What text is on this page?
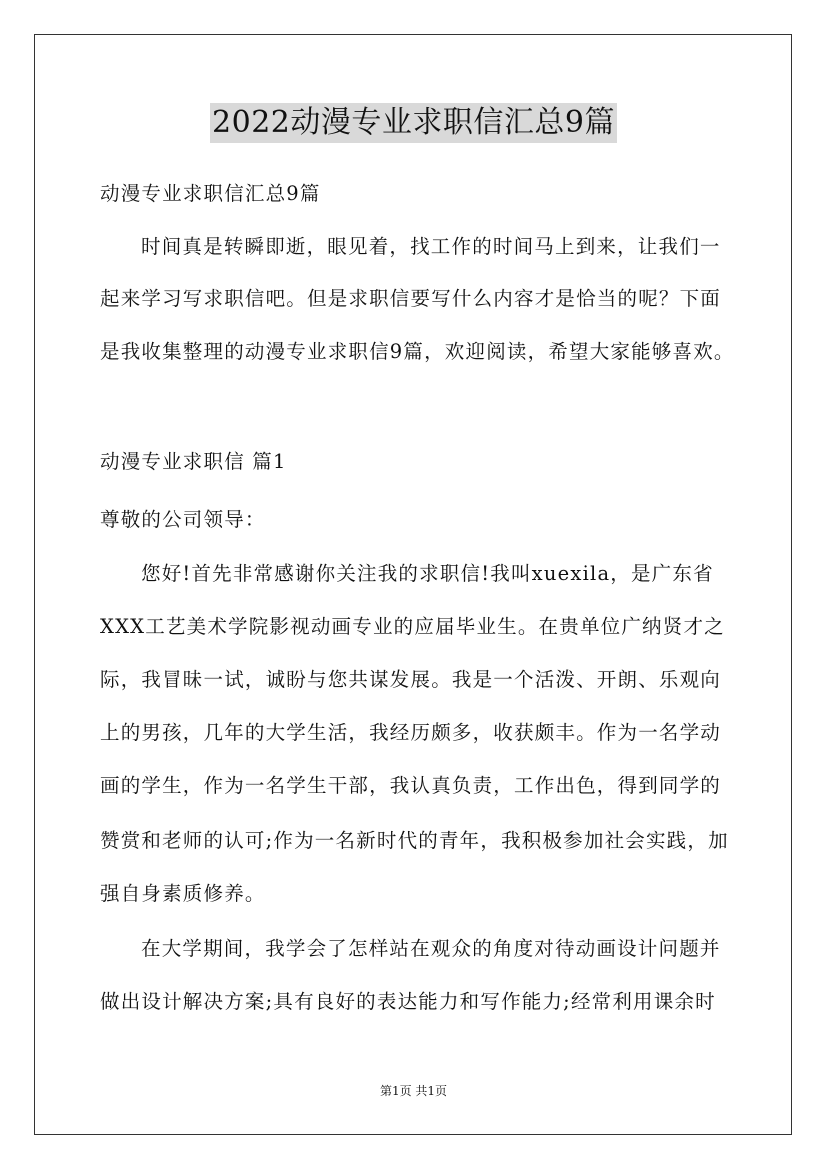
2022动漫专业求职信汇总9篇
动漫专业求职信汇总9篇
时间真是转瞬即逝，眼见着，找工作的时间马上到来，让我们一
起来学习写求职信吧。但是求职信要写什么内容才是恰当的呢？下面
是我收集整理的动漫专业求职信9篇，欢迎阅读，希望大家能够喜欢。
动漫专业求职信 篇1
尊敬的公司领导：
您好!首先非常感谢你关注我的求职信!我叫xuexila，是广东省
XXX工艺美术学院影视动画专业的应届毕业生。在贵单位广纳贤才之
际，我冒昧一试，诚盼与您共谋发展。我是一个活泼、开朗、乐观向
上的男孩，几年的大学生活，我经历颇多，收获颇丰。作为一名学动
画的学生，作为一名学生干部，我认真负责，工作出色，得到同学的
赞赏和老师的认可;作为一名新时代的青年，我积极参加社会实践，加
强自身素质修养。
在大学期间，我学会了怎样站在观众的角度对待动画设计问题并
做出设计解决方案;具有良好的表达能力和写作能力;经常利用课余时
第1页 共1页
